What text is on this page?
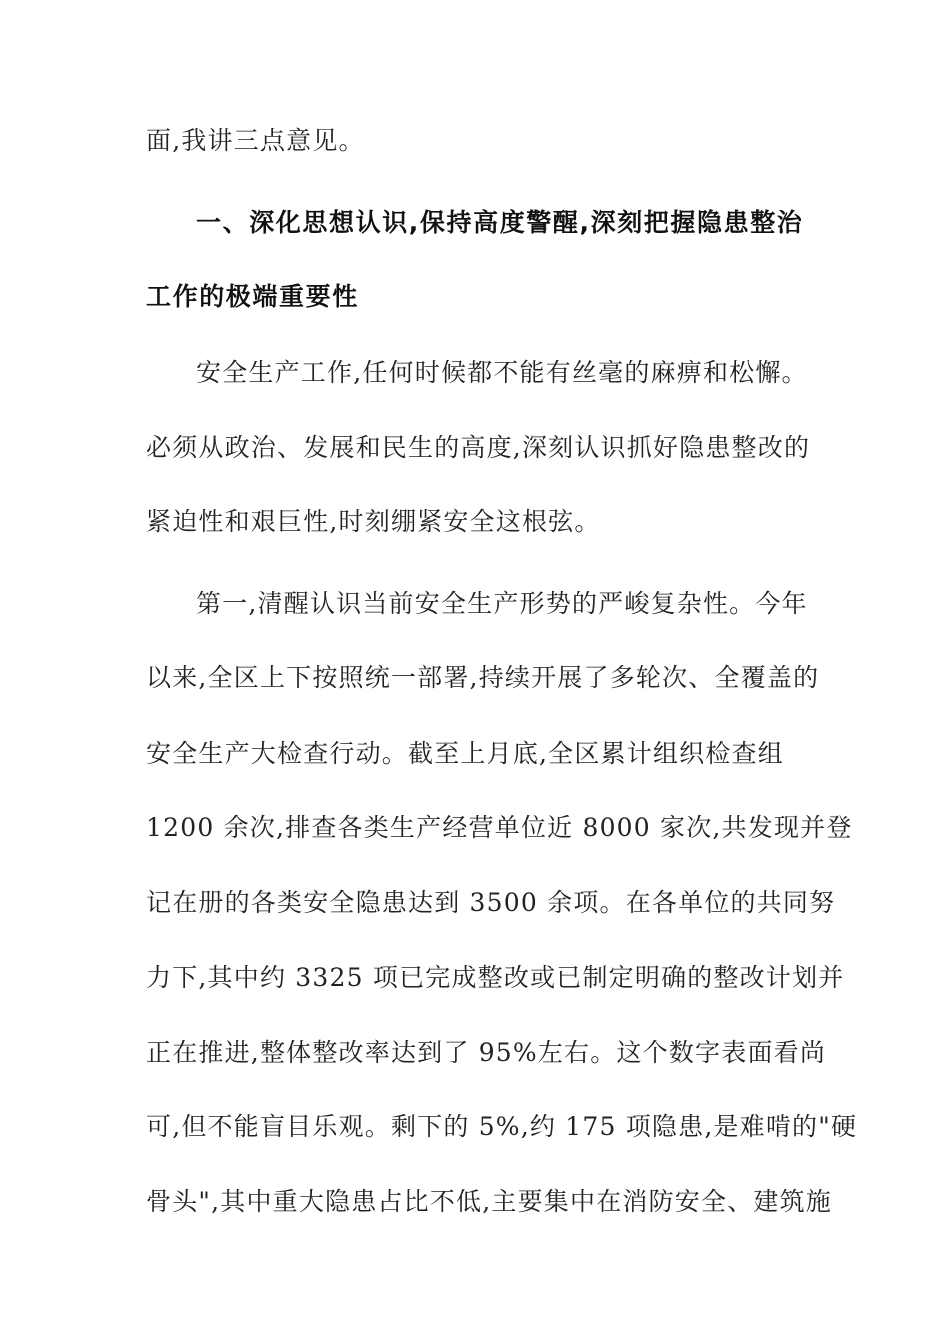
面,我讲三点意见。
一、深化思想认识,保持高度警醒,深刻把握隐患整治
工作的极端重要性
安全生产工作,任何时候都不能有丝毫的麻痹和松懈。
必须从政治、发展和民生的高度,深刻认识抓好隐患整改的
紧迫性和艰巨性,时刻绷紧安全这根弦。
第一,清醒认识当前安全生产形势的严峻复杂性。今年
以来,全区上下按照统一部署,持续开展了多轮次、全覆盖的
安全生产大检查行动。截至上月底,全区累计组织检查组
1200 余次,排查各类生产经营单位近 8000 家次,共发现并登
记在册的各类安全隐患达到 3500 余项。在各单位的共同努
力下,其中约 3325 项已完成整改或已制定明确的整改计划并
正在推进,整体整改率达到了 95%左右。这个数字表面看尚
可,但不能盲目乐观。剩下的 5%,约 175 项隐患,是难啃的"硬
骨头",其中重大隐患占比不低,主要集中在消防安全、建筑施
